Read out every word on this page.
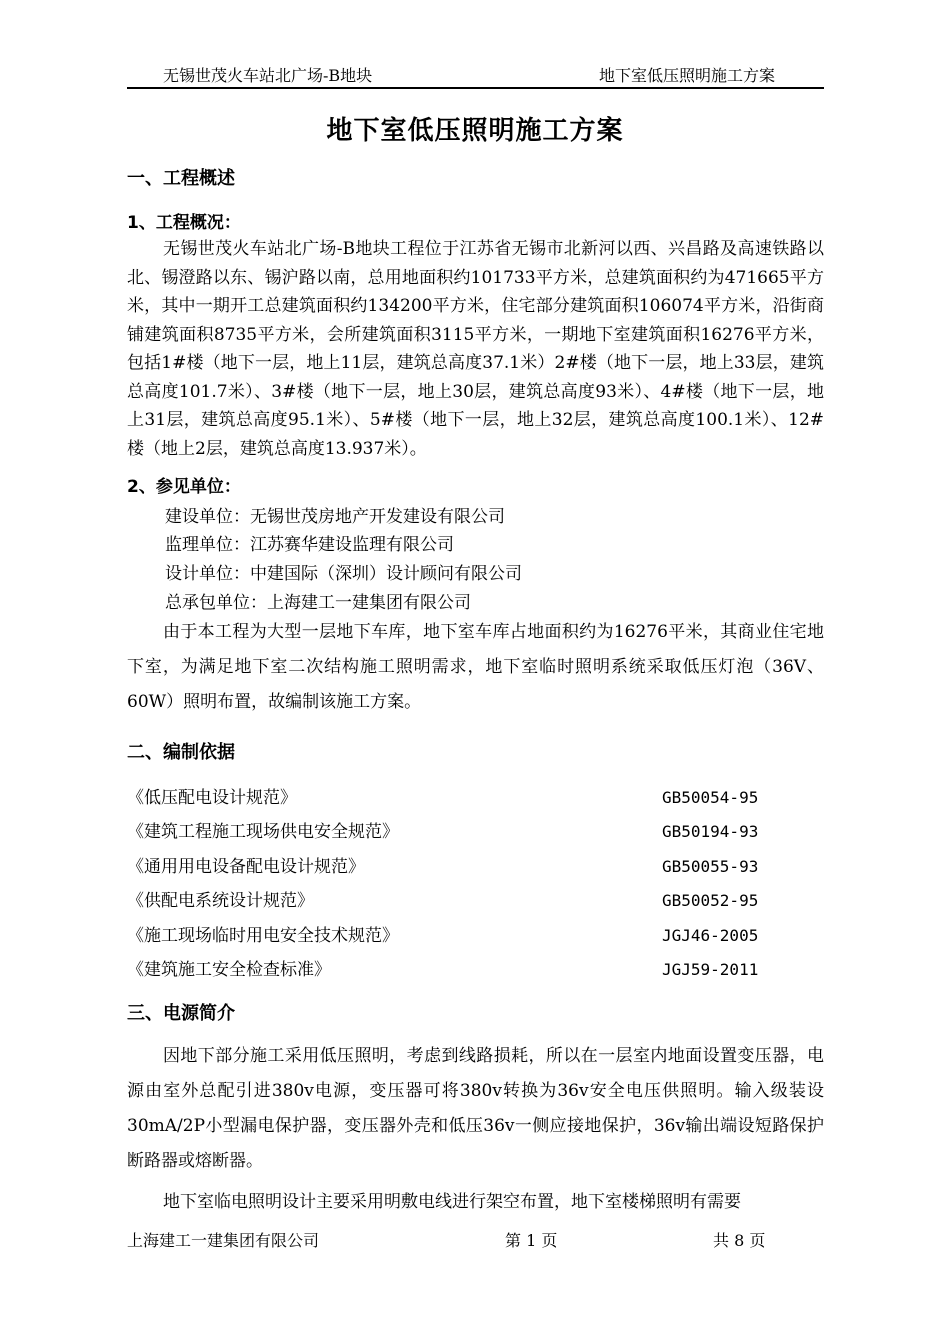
无锡世茂火车站北广场-B地块	地下室低压照明施工方案
地下室低压照明施工方案
一、工程概述
1、工程概况：

无锡世茂火车站北广场-B地块工程位于江苏省无锡市北新河以西、兴昌路及高速铁路以北、锡澄路以东、锡沪路以南，总用地面积约101733平方米，总建筑面积约为471665平方米，其中一期开工总建筑面积约134200平方米，住宅部分建筑面积106074平方米，沿街商铺建筑面积8735平方米，会所建筑面积3115平方米，一期地下室建筑面积16276平方米，包括1#楼（地下一层，地上11层，建筑总高度37.1米）2#楼（地下一层，地上33层，建筑总高度101.7米）、3#楼（地下一层，地上30层，建筑总高度93米）、4#楼（地下一层，地上31层，建筑总高度95.1米）、5#楼（地下一层，地上32层，建筑总高度100.1米）、12#楼（地上2层，建筑总高度13.937米）。

2、参见单位：
建设单位：无锡世茂房地产开发建设有限公司
监理单位：江苏赛华建设监理有限公司
设计单位：中建国际（深圳）设计顾问有限公司
总承包单位：上海建工一建集团有限公司

由于本工程为大型一层地下车库，地下室车库占地面积约为16276平米，其商业住宅地下室，为满足地下室二次结构施工照明需求，地下室临时照明系统采取低压灯泡（36V、60W）照明布置，故编制该施工方案。

二、编制依据
《低压配电设计规范》	GB50054-95
《建筑工程施工现场供电安全规范》	GB50194-93
《通用用电设备配电设计规范》	GB50055-93
《供配电系统设计规范》	GB50052-95
《施工现场临时用电安全技术规范》	JGJ46-2005
《建筑施工安全检查标准》	JGJ59-2011
三、电源简介

因地下部分施工采用低压照明，考虑到线路损耗，所以在一层室内地面设置变压器，电源由室外总配引进380v电源，变压器可将380v转换为36v安全电压供照明。输入级装设30mA/2P小型漏电保护器，变压器外壳和低压36v一侧应接地保护，36v输出端设短路保护断路器或熔断器。

地下室临电照明设计主要采用明敷电线进行架空布置，地下室楼梯照明有需要

上海建工一建集团有限公司	第 1 页	共 8 页
